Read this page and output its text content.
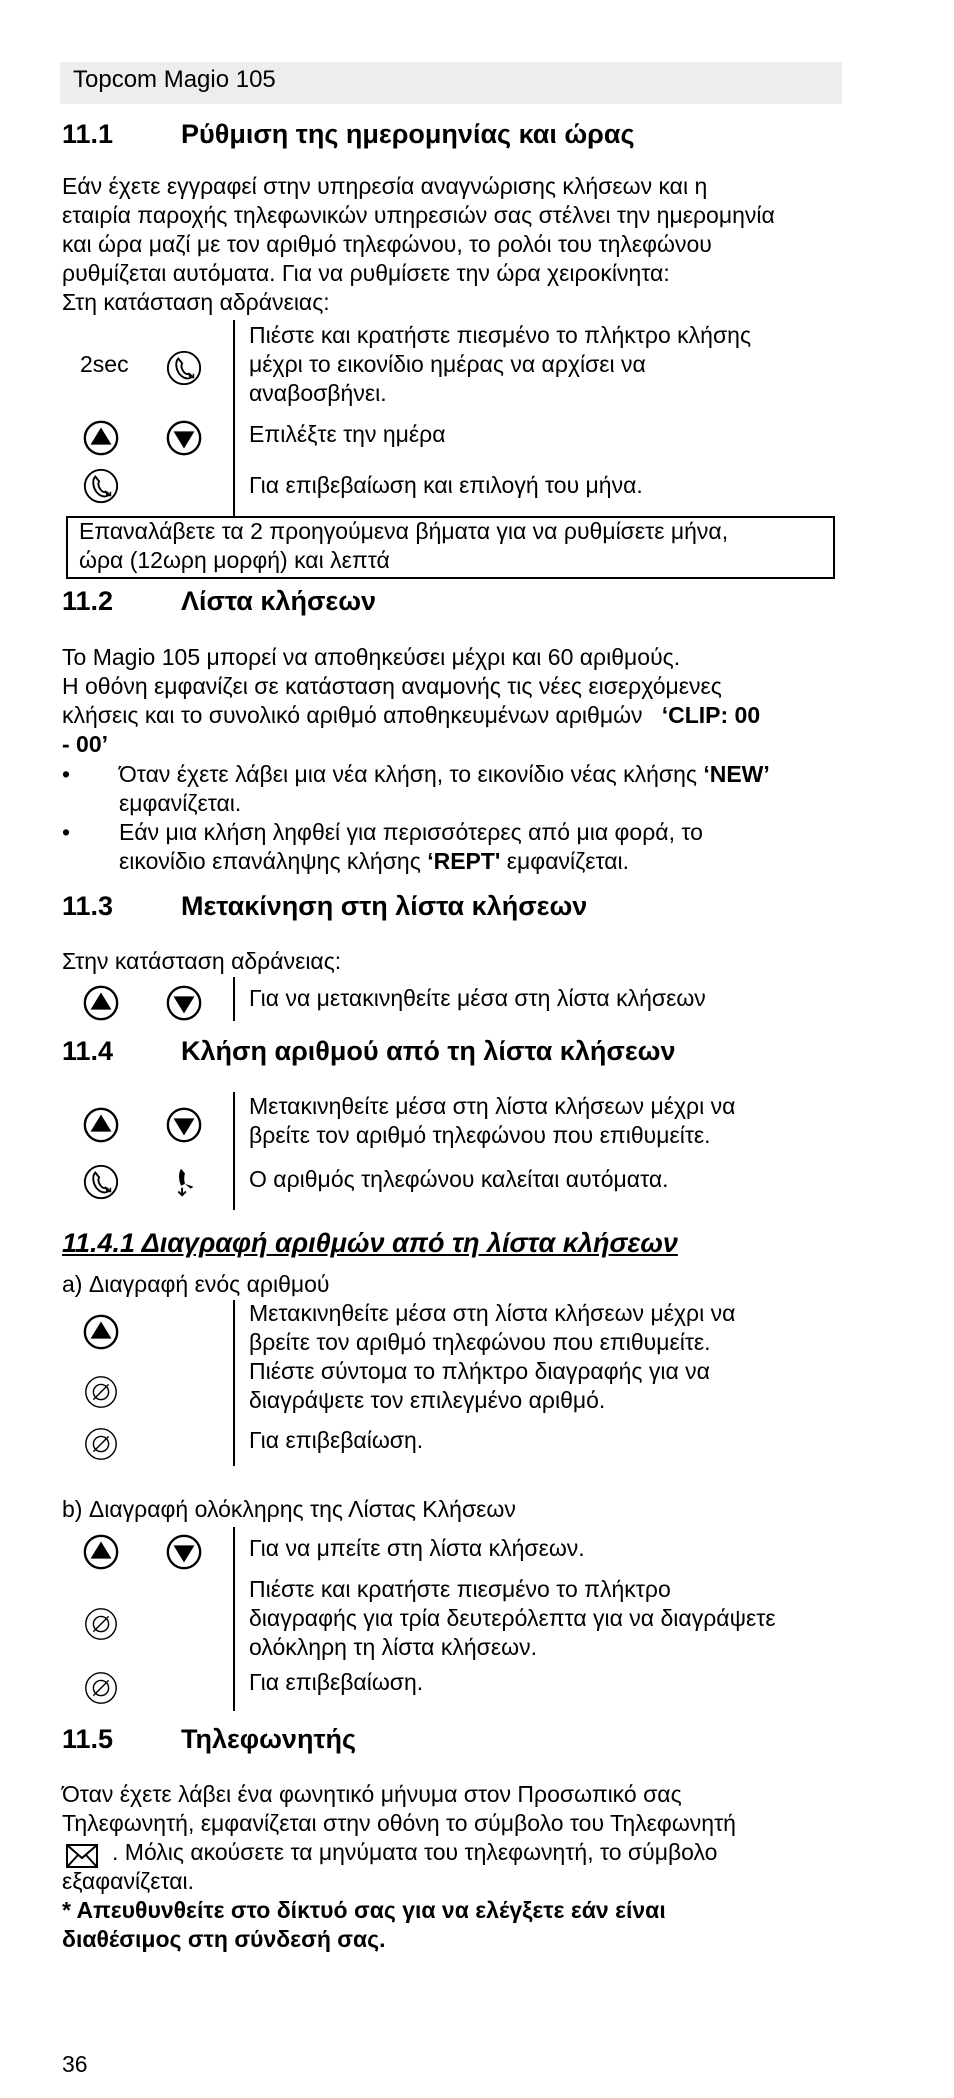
Topcom Magio 105
11.1	Ρύθμιση της ημερομηνίας και ώρας
Εάν έχετε εγγραφεί στην υπηρεσία αναγνώρισης κλήσεων και η
εταιρία παροχής τηλεφωνικών υπηρεσιών σας στέλνει την ημερομηνία
και ώρα μαζί με τον αριθμό τηλεφώνου, το ρολόι του τηλεφώνου
ρυθμίζεται αυτόματα. Για να ρυθμίσετε την ώρα χειροκίνητα:
Στη κατάσταση αδράνειας:
2sec
Πιέστε και κρατήστε πιεσμένο το πλήκτρο κλήσης
μέχρι το εικονίδιο ημέρας να αρχίσει να
αναβοσβήνει.
Επιλέξτε την ημέρα
Για επιβεβαίωση και επιλογή του μήνα.
Επαναλάβετε τα 2 προηγούμενα βήματα για να ρυθμίσετε μήνα,
ώρα (12ωρη μορφή) και λεπτά
11.2	Λίστα κλήσεων
Το Magio 105 μπορεί να αποθηκεύσει μέχρι και 60 αριθμούς.
Η οθόνη εμφανίζει σε κατάσταση αναμονής τις νέες εισερχόμενες
κλήσεις και το συνολικό αριθμό αποθηκευμένων αριθμών ‘CLIP: 00
- 00’
• Όταν έχετε λάβει μια νέα κλήση, το εικονίδιο νέας κλήσης ‘NEW’
εμφανίζεται.
• Εάν μια κλήση ληφθεί για περισσότερες από μια φορά, το
εικονίδιο επανάληψης κλήσης ‘REPT' εμφανίζεται.
11.3	Μετακίνηση στη λίστα κλήσεων
Στην κατάσταση αδράνειας:
Για να μετακινηθείτε μέσα στη λίστα κλήσεων
11.4	Κλήση αριθμού από τη λίστα κλήσεων
Μετακινηθείτε μέσα στη λίστα κλήσεων μέχρι να
βρείτε τον αριθμό τηλεφώνου που επιθυμείτε.
Ο αριθμός τηλεφώνου καλείται αυτόματα.
11.4.1 Διαγραφή αριθμών από τη λίστα κλήσεων
a) Διαγραφή ενός αριθμού
Μετακινηθείτε μέσα στη λίστα κλήσεων μέχρι να
βρείτε τον αριθμό τηλεφώνου που επιθυμείτε.
Πιέστε σύντομα το πλήκτρο διαγραφής για να
διαγράψετε τον επιλεγμένο αριθμό.
Για επιβεβαίωση.
b) Διαγραφή ολόκληρης της Λίστας Κλήσεων
Για να μπείτε στη λίστα κλήσεων.
Πιέστε και κρατήστε πιεσμένο το πλήκτρο
διαγραφής για τρία δευτερόλεπτα για να διαγράψετε
ολόκληρη τη λίστα κλήσεων.
Για επιβεβαίωση.
11.5	Τηλεφωνητής
Όταν έχετε λάβει ένα φωνητικό μήνυμα στον Προσωπικό σας
Τηλεφωνητή, εμφανίζεται στην οθόνη το σύμβολο του Τηλεφωνητή
. Μόλις ακούσετε τα μηνύματα του τηλεφωνητή, το σύμβολο
εξαφανίζεται.
* Απευθυνθείτε στο δίκτυό σας για να ελέγξετε εάν είναι
διαθέσιμος στη σύνδεσή σας.
36
